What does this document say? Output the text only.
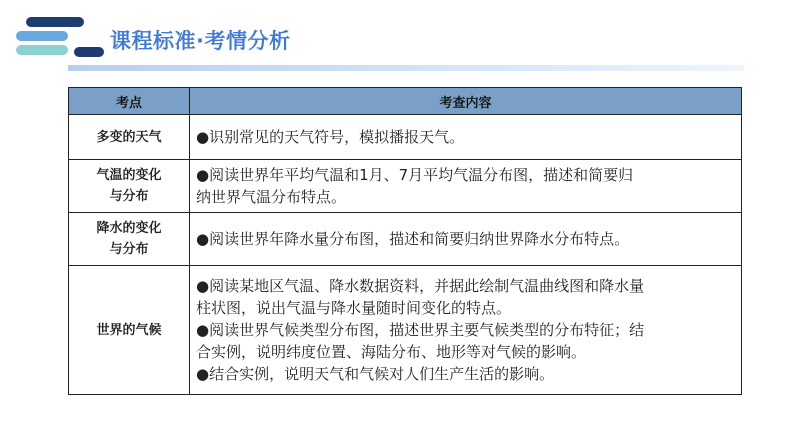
课程标准·考情分析
考点	考查内容

多变的天气	●识别常见的天气符号，模拟播报天气。

气温的变化
与分布	●阅读世界年平均气温和1月、7月平均气温分布图，描述和简要归
纳世界气温分布特点。

降水的变化
与分布	●阅读世界年降水量分布图，描述和简要归纳世界降水分布特点。

世界的气候	●阅读某地区气温、降水数据资料，并据此绘制气温曲线图和降水量
柱状图，说出气温与降水量随时间变化的特点。
●阅读世界气候类型分布图，描述世界主要气候类型的分布特征；结
合实例，说明纬度位置、海陆分布、地形等对气候的影响。
●结合实例，说明天气和气候对人们生产生活的影响。
